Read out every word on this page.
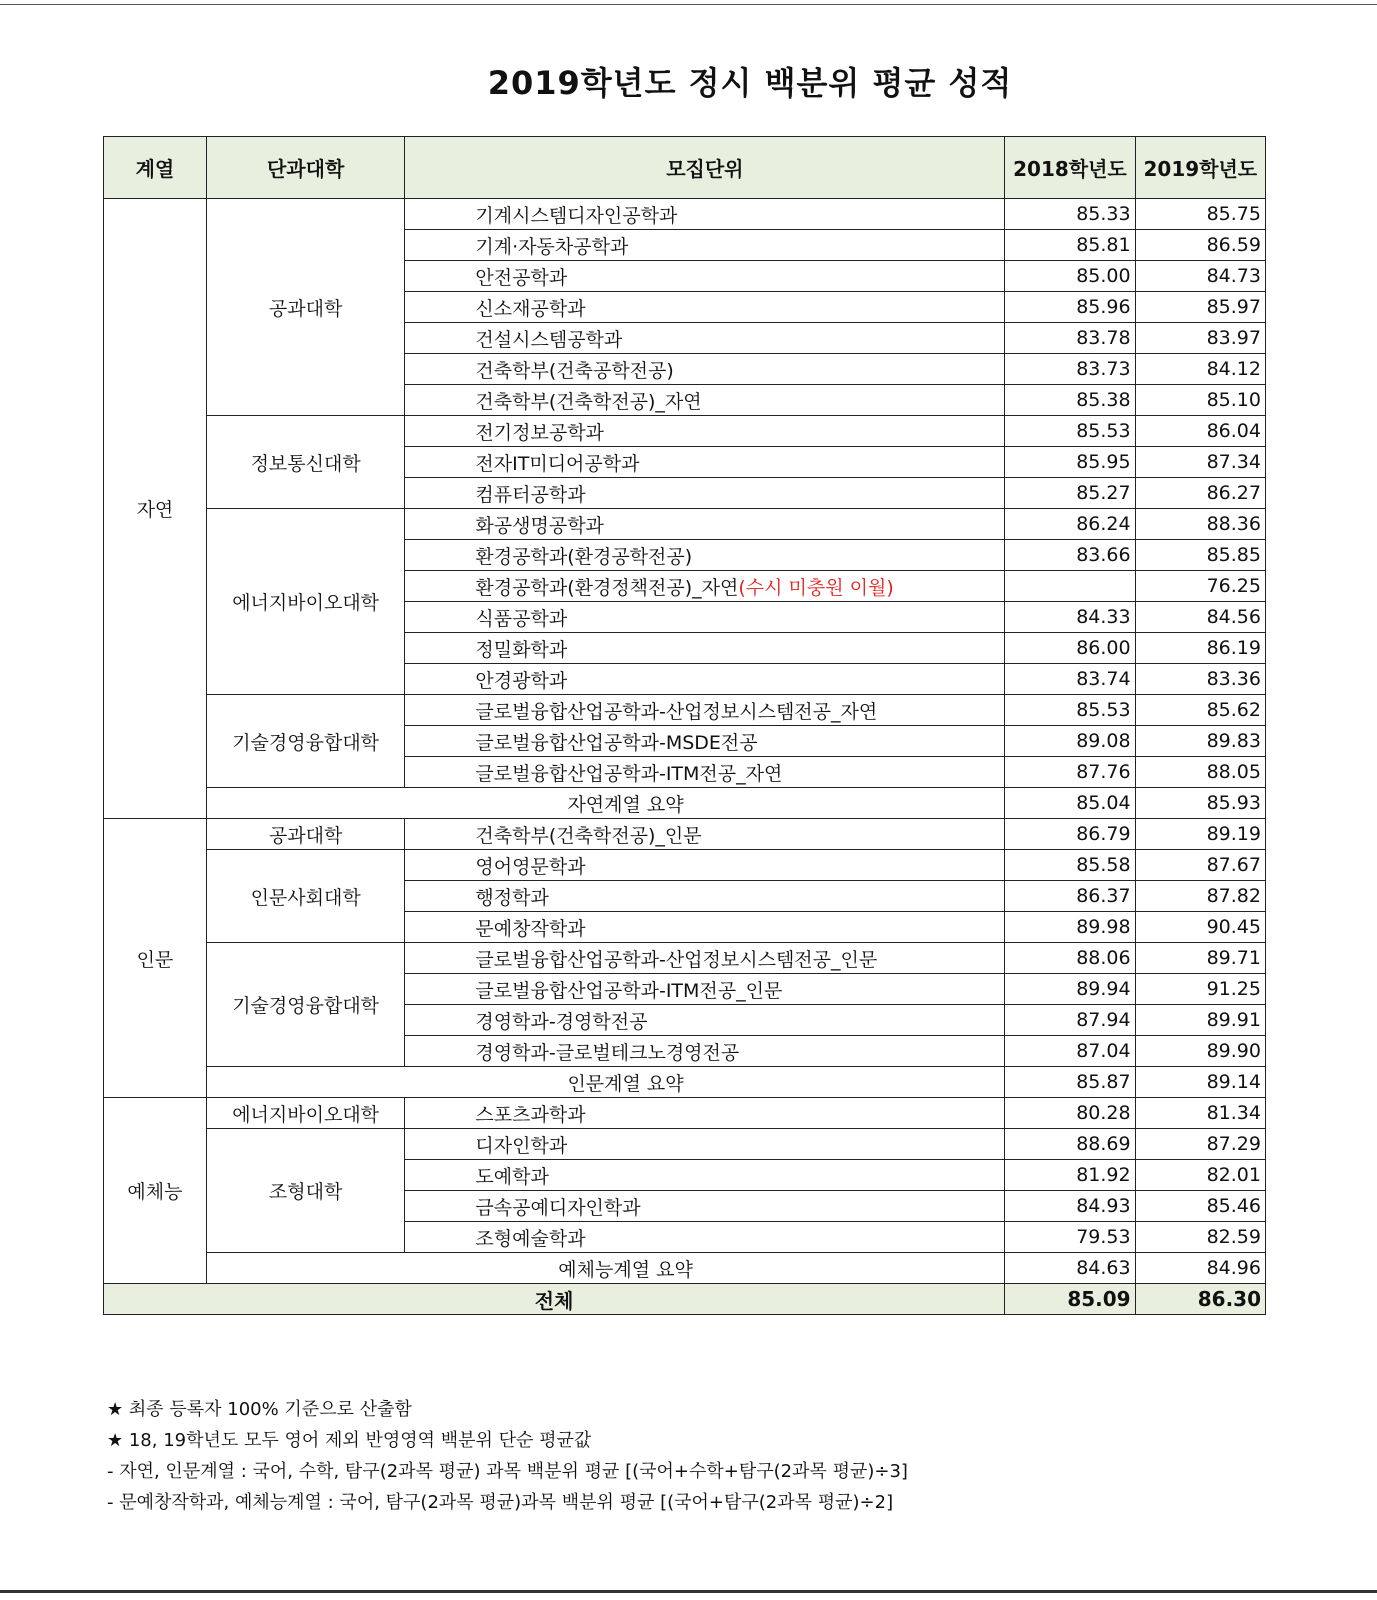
2019학년도 정시 백분위 평균 성적
계열	단과대학	모집단위	2018학년도	2019학년도
자연	공과대학	기계시스템디자인공학과	85.33	85.75
		기계·자동차공학과	85.81	86.59
		안전공학과	85.00	84.73
		신소재공학과	85.96	85.97
		건설시스템공학과	83.78	83.97
		건축학부(건축공학전공)	83.73	84.12
		건축학부(건축학전공)_자연	85.38	85.10
	정보통신대학	전기정보공학과	85.53	86.04
		전자IT미디어공학과	85.95	87.34
		컴퓨터공학과	85.27	86.27
	에너지바이오대학	화공생명공학과	86.24	88.36
		환경공학과(환경공학전공)	83.66	85.85
		환경공학과(환경정책전공)_자연(수시 미충원 이월)		76.25
		식품공학과	84.33	84.56
		정밀화학과	86.00	86.19
		안경광학과	83.74	83.36
	기술경영융합대학	글로벌융합산업공학과-산업정보시스템전공_자연	85.53	85.62
		글로벌융합산업공학과-MSDE전공	89.08	89.83
		글로벌융합산업공학과-ITM전공_자연	87.76	88.05
	자연계열 요약		85.04	85.93
인문	공과대학	건축학부(건축학전공)_인문	86.79	89.19
	인문사회대학	영어영문학과	85.58	87.67
		행정학과	86.37	87.82
		문예창작학과	89.98	90.45
	기술경영융합대학	글로벌융합산업공학과-산업정보시스템전공_인문	88.06	89.71
		글로벌융합산업공학과-ITM전공_인문	89.94	91.25
		경영학과-경영학전공	87.94	89.91
		경영학과-글로벌테크노경영전공	87.04	89.90
	인문계열 요약		85.87	89.14
예체능	에너지바이오대학	스포츠과학과	80.28	81.34
	조형대학	디자인학과	88.69	87.29
		도예학과	81.92	82.01
		금속공예디자인학과	84.93	85.46
		조형예술학과	79.53	82.59
	예체능계열 요약		84.63	84.96
전체			85.09	86.30
★ 최종 등록자 100% 기준으로 산출함
★ 18, 19학년도 모두 영어 제외 반영영역 백분위 단순 평균값
- 자연, 인문계열 : 국어, 수학, 탐구(2과목 평균) 과목 백분위 평균 [(국어+수학+탐구(2과목 평균)÷3]
- 문예창작학과, 예체능계열 : 국어, 탐구(2과목 평균)과목 백분위 평균 [(국어+탐구(2과목 평균)÷2]
